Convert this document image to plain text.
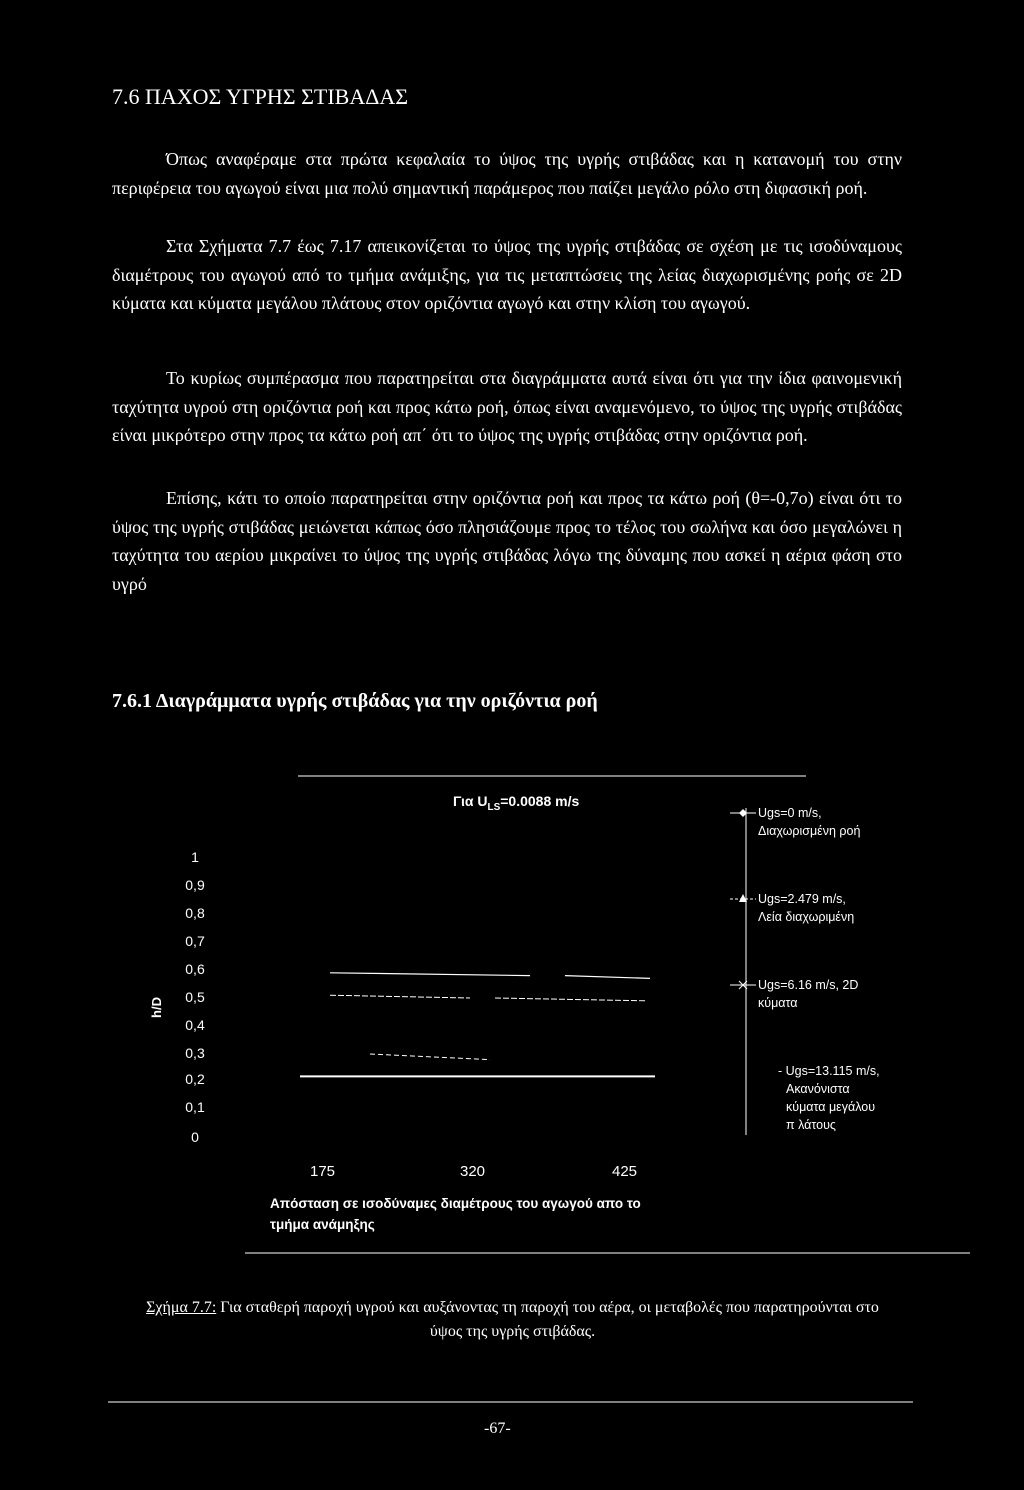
7.6 ΠΑΧΟΣ ΥΓΡΗΣ ΣΤΙΒΑΔΑΣ

Όπως αναφέραμε στα πρώτα κεφαλαία το ύψος της υγρής στιβάδας και η κατανομή του στην περιφέρεια του αγωγού είναι μια πολύ σημαντική παράμερος που παίζει μεγάλο ρόλο στη διφασική ροή.

Στα Σχήματα 7.7 έως 7.17 απεικονίζεται το ύψος της υγρής στιβάδας σε σχέση με τις ισοδύναμους διαμέτρους του αγωγού από το τμήμα ανάμιξης, για τις μεταπτώσεις της λείας διαχωρισμένης ροής σε 2D κύματα και κύματα μεγάλου πλάτους στον οριζόντια αγωγό και στην κλίση του αγωγού.

Το κυρίως συμπέρασμα που παρατηρείται στα διαγράμματα αυτά είναι ότι για την ίδια φαινομενική ταχύτητα υγρού στη οριζόντια ροή και προς κάτω ροή, όπως είναι αναμενόμενο, το ύψος της υγρής στιβάδας είναι μικρότερο στην προς τα κάτω ροή απ΄ ότι το ύψος της υγρής στιβάδας στην οριζόντια ροή.

Επίσης, κάτι το οποίο παρατηρείται στην οριζόντια ροή και προς τα κάτω ροή (θ=-0,7ο) είναι ότι το ύψος της υγρής στιβάδας μειώνεται κάπως όσο πλησιάζουμε προς το τέλος του σωλήνα και όσο μεγαλώνει η ταχύτητα του αερίου μικραίνει το ύψος της υγρής στιβάδας λόγω της δύναμης που ασκεί η αέρια φάση στο υγρό

7.6.1 Διαγράμματα υγρής στιβάδας για την οριζόντια ροή
Για $U_{LS}=0.0088$ m/s
1
0,9
0,8
0,7
0,6
0,5
0,4
0,3
0,2
0,1
0
h/D
175	320	425
Απόσταση σε ισοδύναμες διαμέτρους του αγωγού απο το
τμήμα ανάμηξης
Ugs=0 m/s,
Διαχωρισμένη ροή
Ugs=2.479 m/s,
Λεία διαχωριμένη
Ugs=6.16 m/s, 2D
κύματα
- Ugs=13.115 m/s,
Ακανόνιστα
κύματα μεγάλου
π λάτους
Σχήμα 7.7: Για σταθερή παροχή υγρού και αυξάνοντας τη παροχή του αέρα, οι μεταβολές που παρατηρούνται στο ύψος της υγρής στιβάδας.
-67-
